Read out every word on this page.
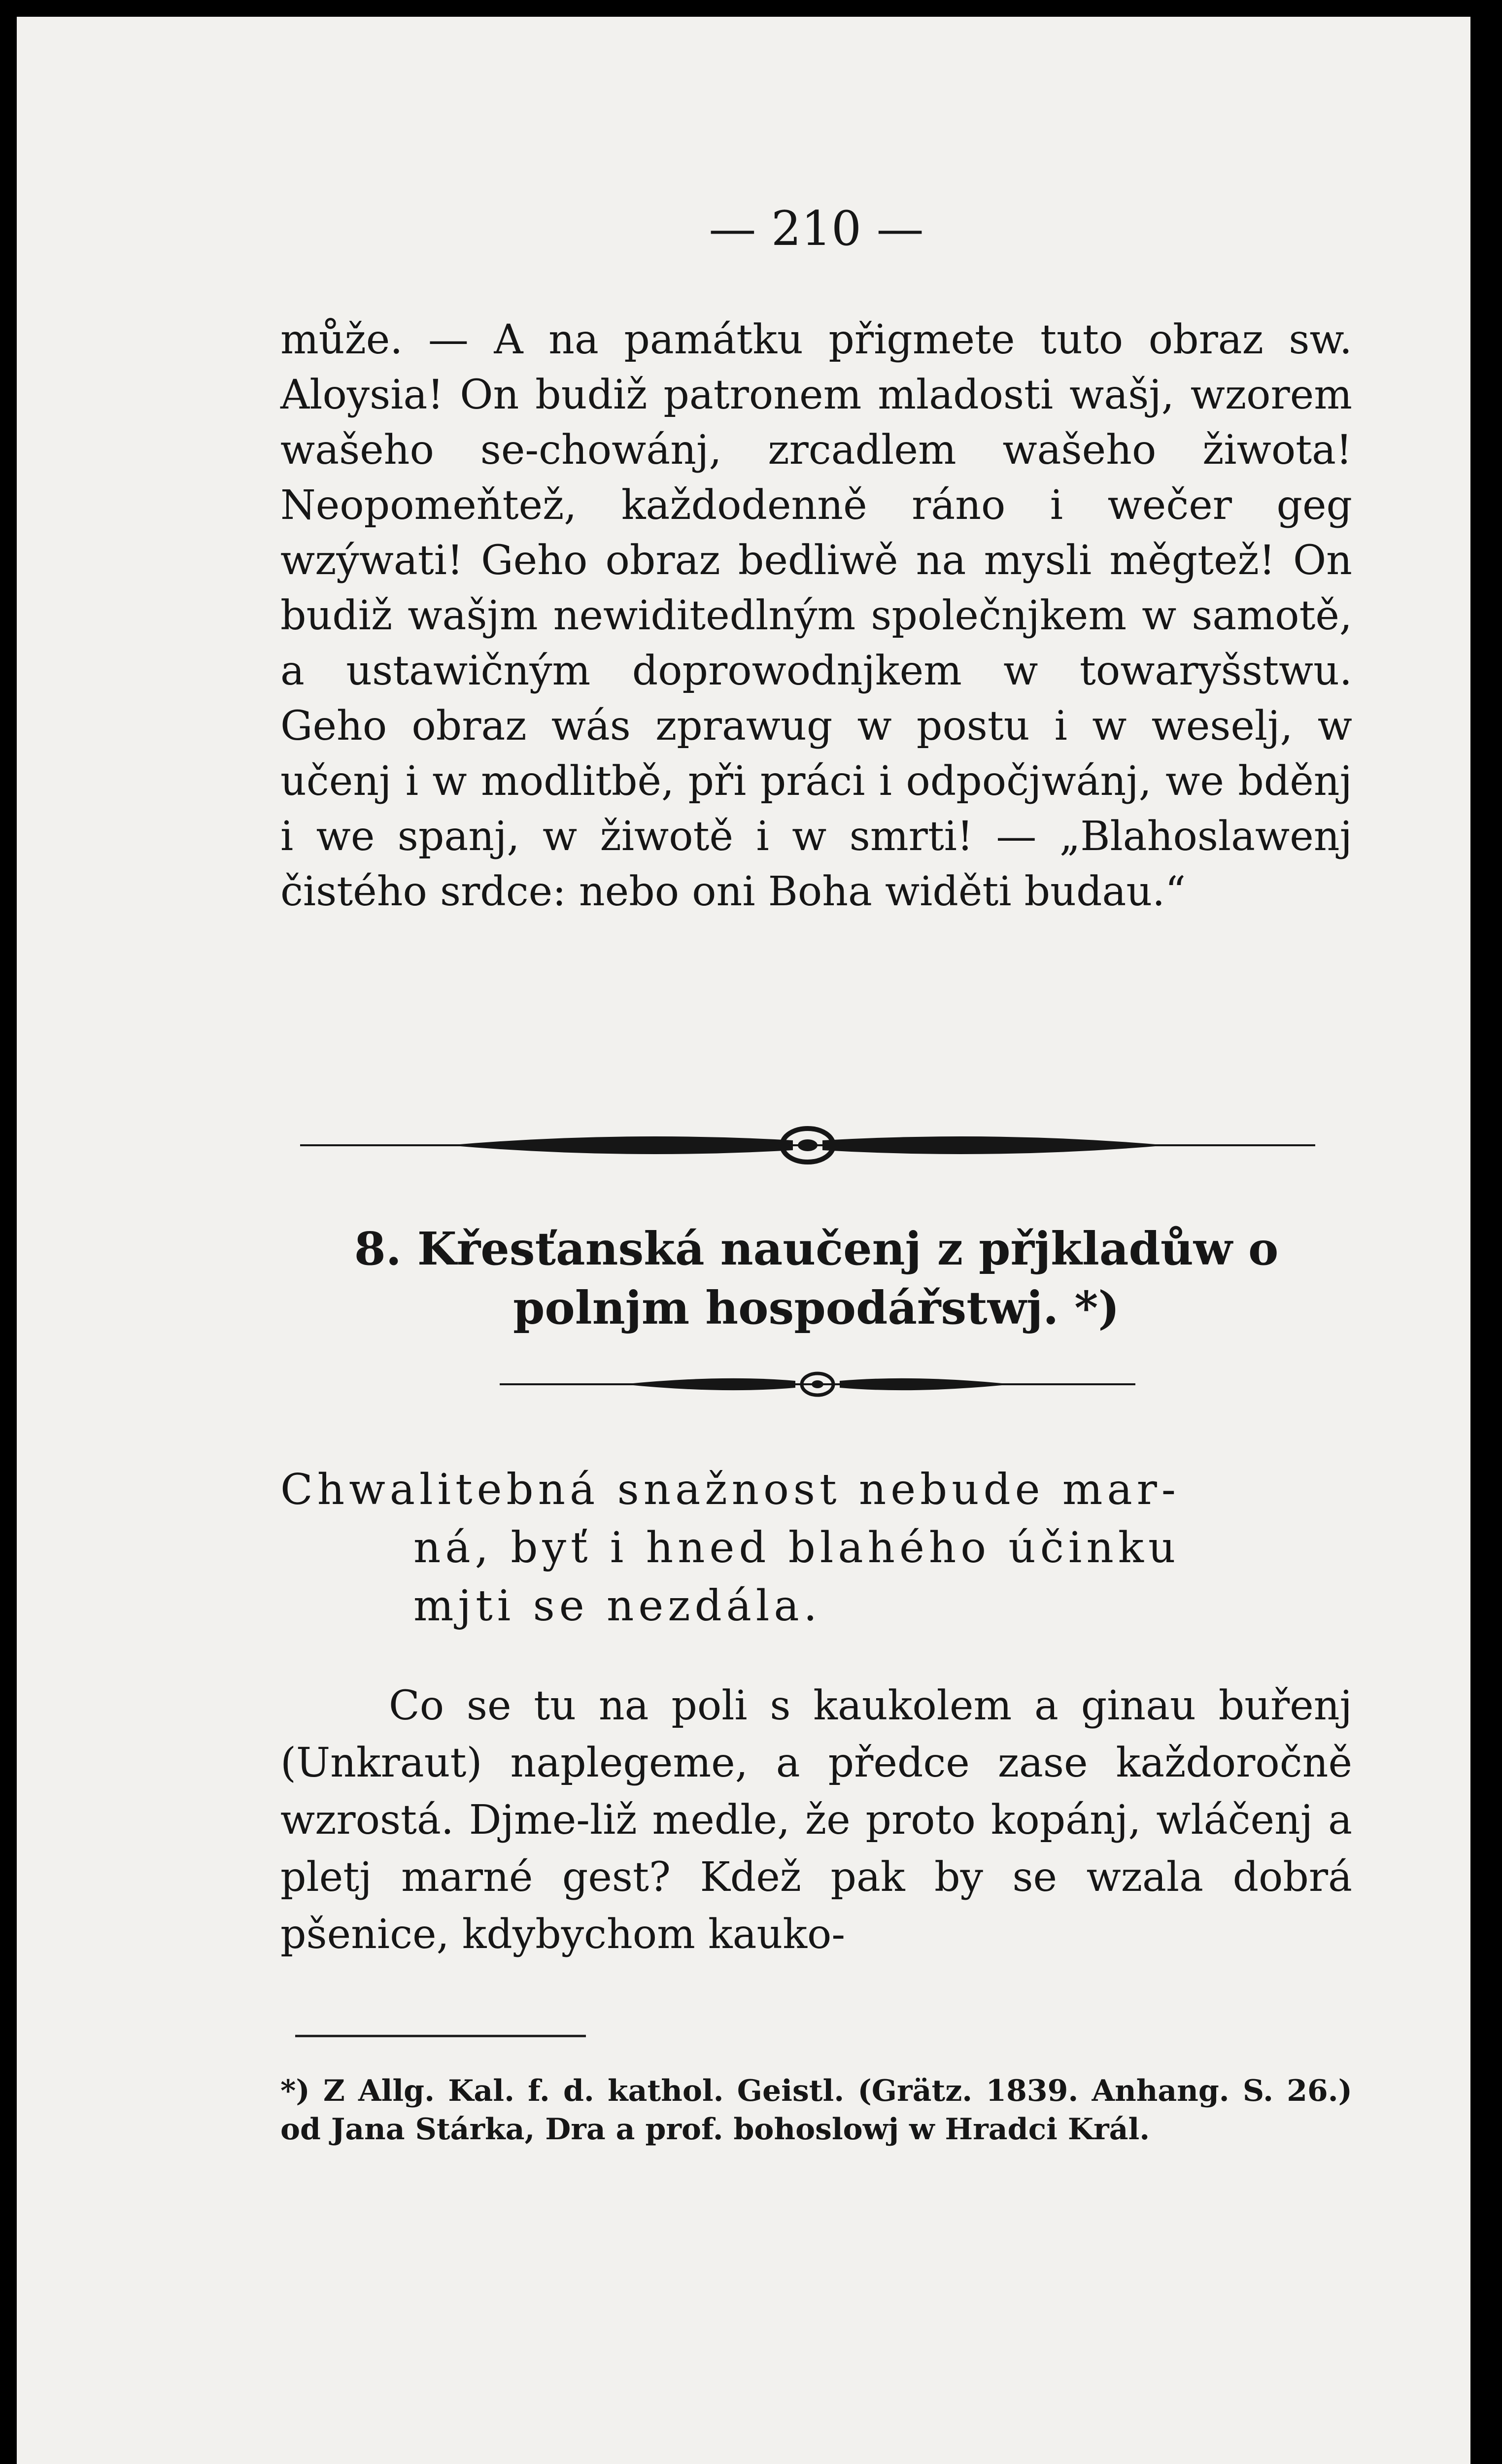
— 210 —

může. — A na památku přigmete tuto obraz sw. Aloysia! On budiž patronem mladosti wašj, wzorem wašeho se-chowánj, zrcadlem wašeho žiwota! Neopomeňtež, každodenně ráno i wečer geg wzýwati! Geho obraz bedliwě na mysli měgtež! On budiž wašjm newiditedlným společnjkem w samotě, a ustawičným doprowodnjkem w towaryšstwu. Geho obraz wás zprawug w postu i w weselj, w učenj i w modlitbě, při práci i odpočjwánj, we bděnj i we spanj, w žiwotě i w smrti! — „Blahoslawenj čistého srdce: nebo oni Boha widěti budau.“

8. Křesťanská naučenj z přjkladůw o polnjm hospodářstwj. *)

Chwalitebná snažnost nebude mar-
ná, byť i hned blahého účinku
mjti se nezdála.

Co se tu na poli s kaukolem a ginau buřenj (Unkraut) naplegeme, a předce zase každoročně wzrostá. Djme-liž medle, že proto kopánj, wláčenj a pletj marné gest? Kdež pak by se wzala dobrá pšenice, kdybychom kauko-

*) Z Allg. Kal. f. d. kathol. Geistl. (Grätz. 1839. Anhang. S. 26.) od Jana Stárka, Dra a prof. bohoslowj w Hradci Král.
